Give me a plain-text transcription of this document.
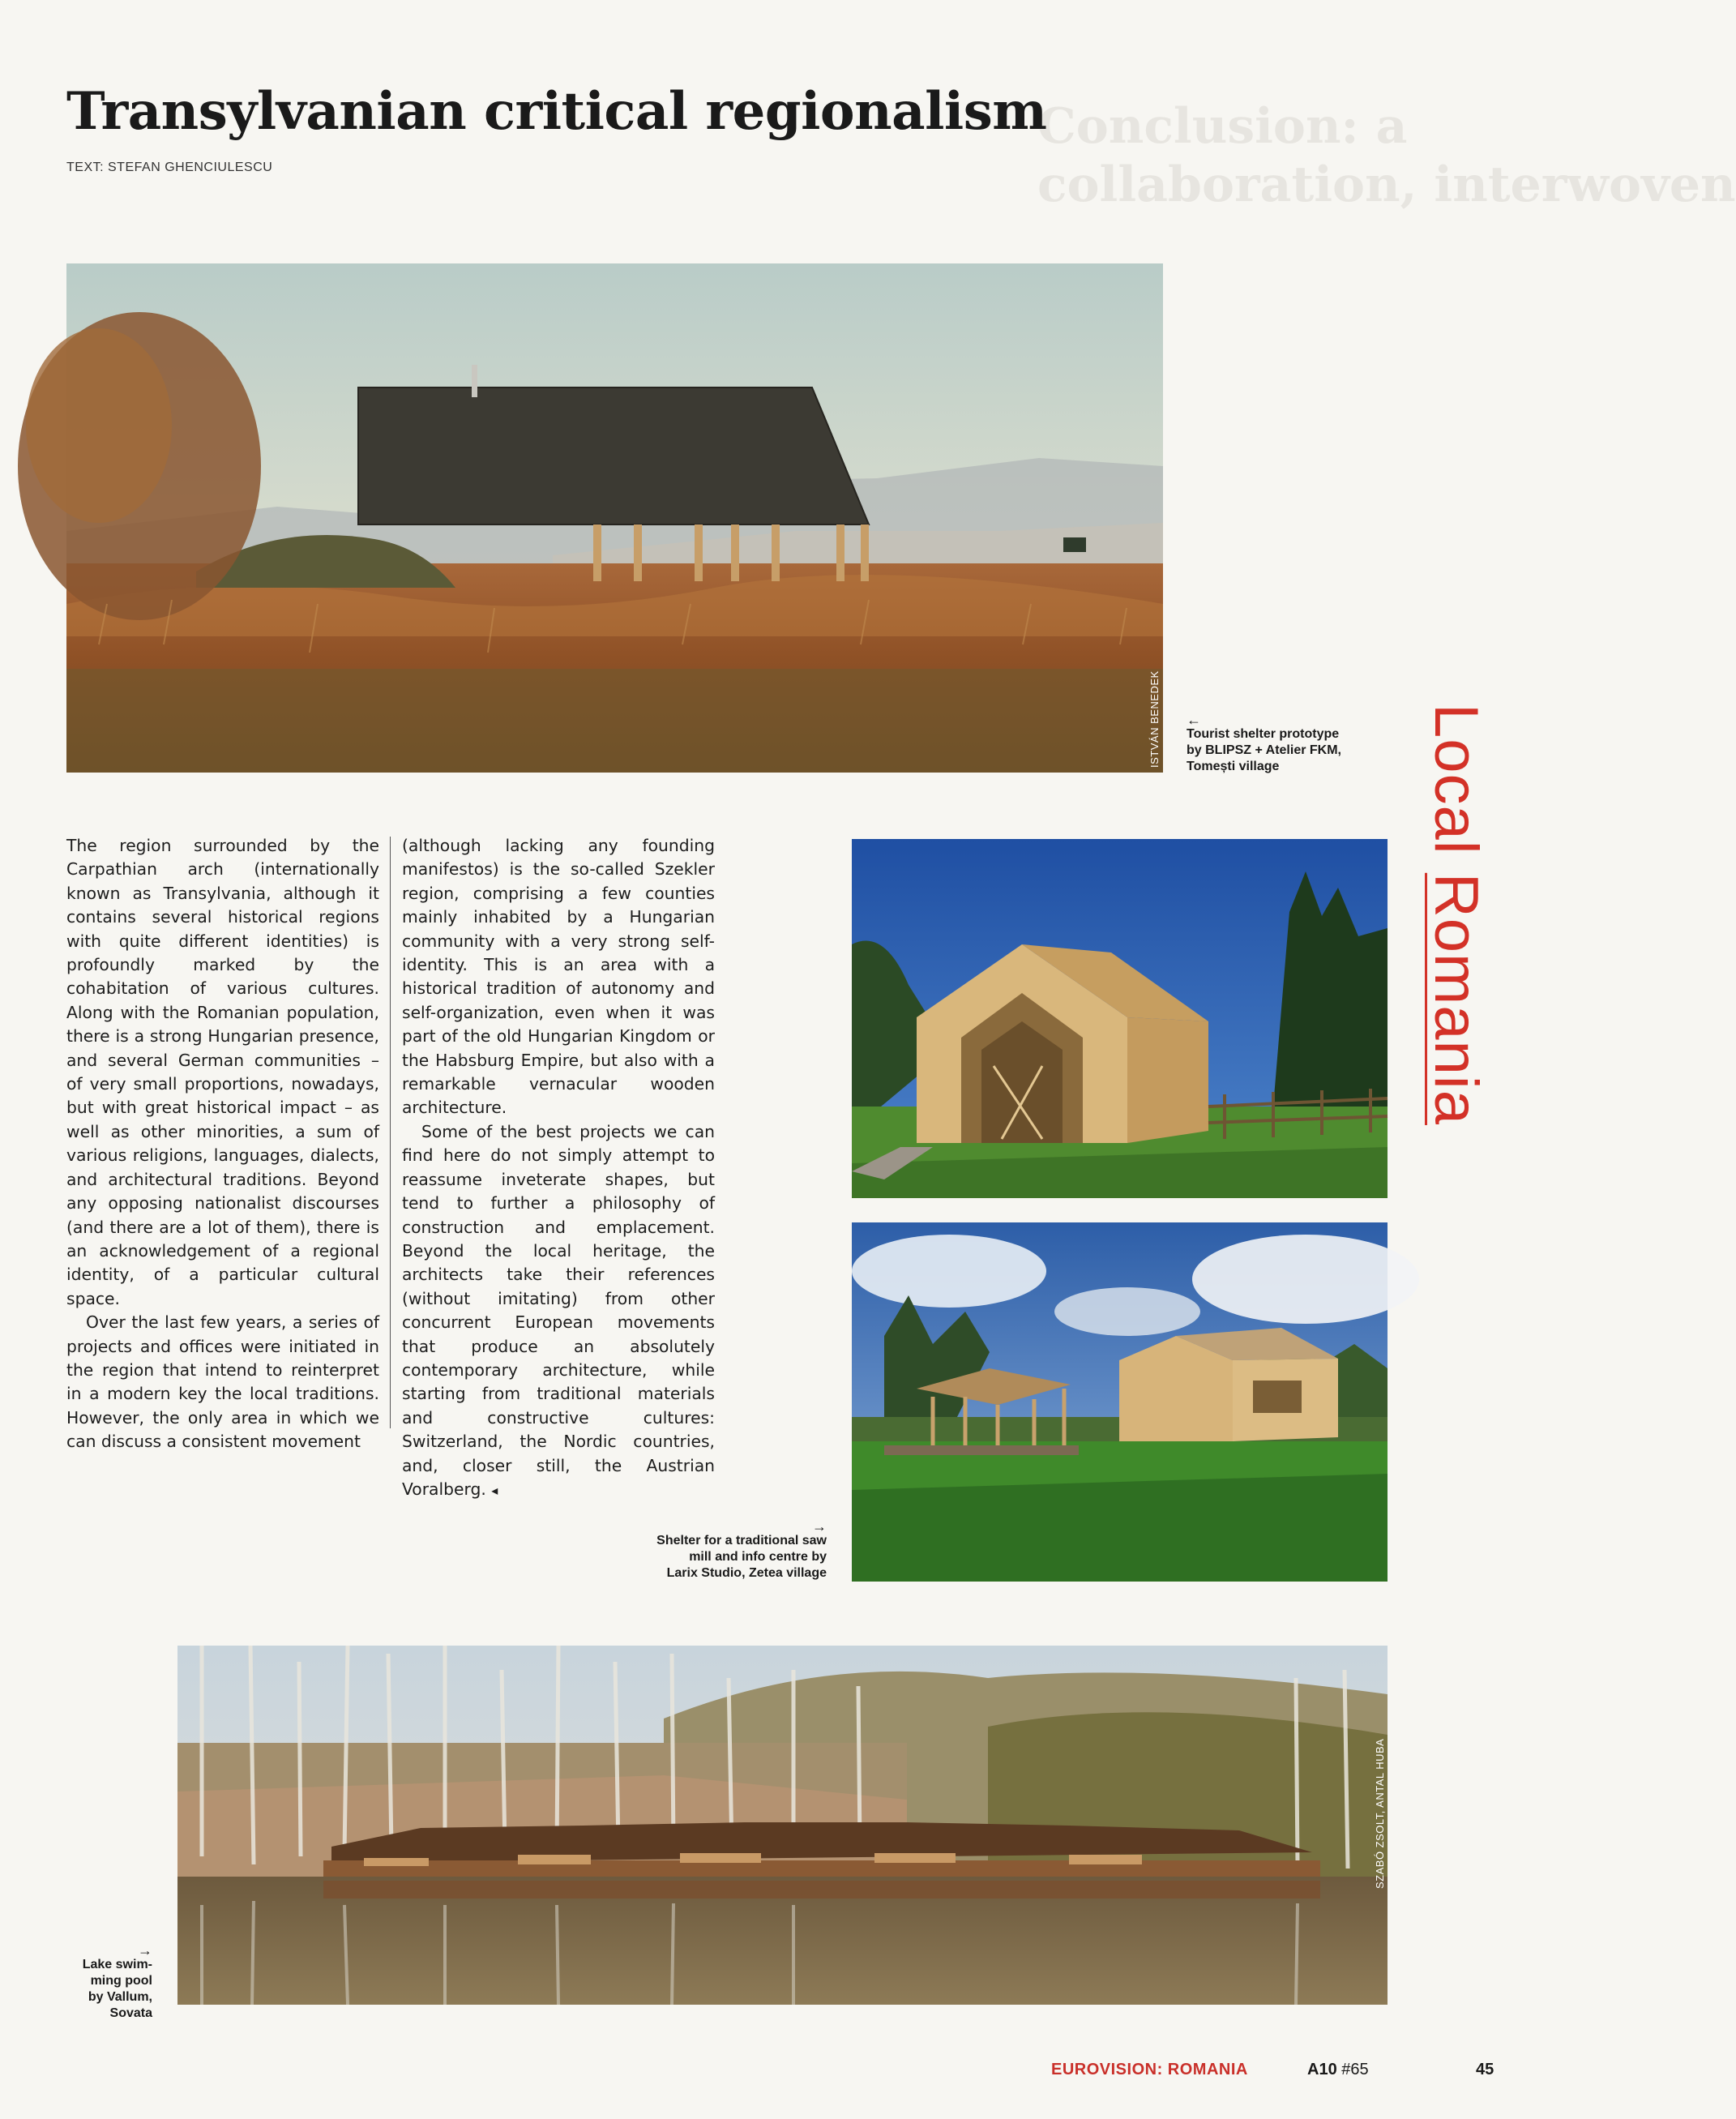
Conclusion: a
collaboration, interwoven
Transylvanian critical regionalism
TEXT: STEFAN GHENCIULESCU
ISTVÁN BENEDEK ←
Tourist shelter prototype
by BLIPSZ + Atelier FKM,
Tomești village	Local Romania

The region surrounded by the Carpathian arch (internationally known as Transylvania, although it contains several historical regions with quite different identities) is profoundly marked by the cohabitation of various cultures. Along with the Romanian population, there is a strong Hungarian presence, and several German communities – of very small proportions, nowadays, but with great historical impact – as well as other minorities, a sum of various religions, languages, dialects, and architectural traditions. Beyond any opposing nationalist discourses (and there are a lot of them), there is an acknowledgement of a regional identity, of a particular cultural space.

Over the last few years, a series of projects and offices were initiated in the region that intend to reinterpret in a modern key the local traditions. However, the only area in which we can discuss a consistent movement

(although lacking any founding manifestos) is the so-called Szekler region, comprising a few counties mainly inhabited by a Hungarian community with a very strong self-identity. This is an area with a historical tradition of autonomy and self-organization, even when it was part of the old Hungarian Kingdom or the Habsburg Empire, but also with a remarkable vernacular wooden architecture.

Some of the best projects we can find here do not simply attempt to reassume inveterate shapes, but tend to further a philosophy of construction and emplacement. Beyond the local heritage, the architects take their references (without imitating) from other concurrent European movements that produce an absolutely contemporary architecture, while starting from traditional materials and constructive cultures: Switzerland, the Nordic countries, and, closer still, the Austrian Voralberg. ◂

→
Shelter for a traditional saw
mill and info centre by
Larix Studio, Zetea village
SZABÓ ZSOLT, ANTAL HUBA
→
Lake swim-
ming pool
by Vallum,
Sovata
EUROVISION: ROMANIA	A10 #65	45
